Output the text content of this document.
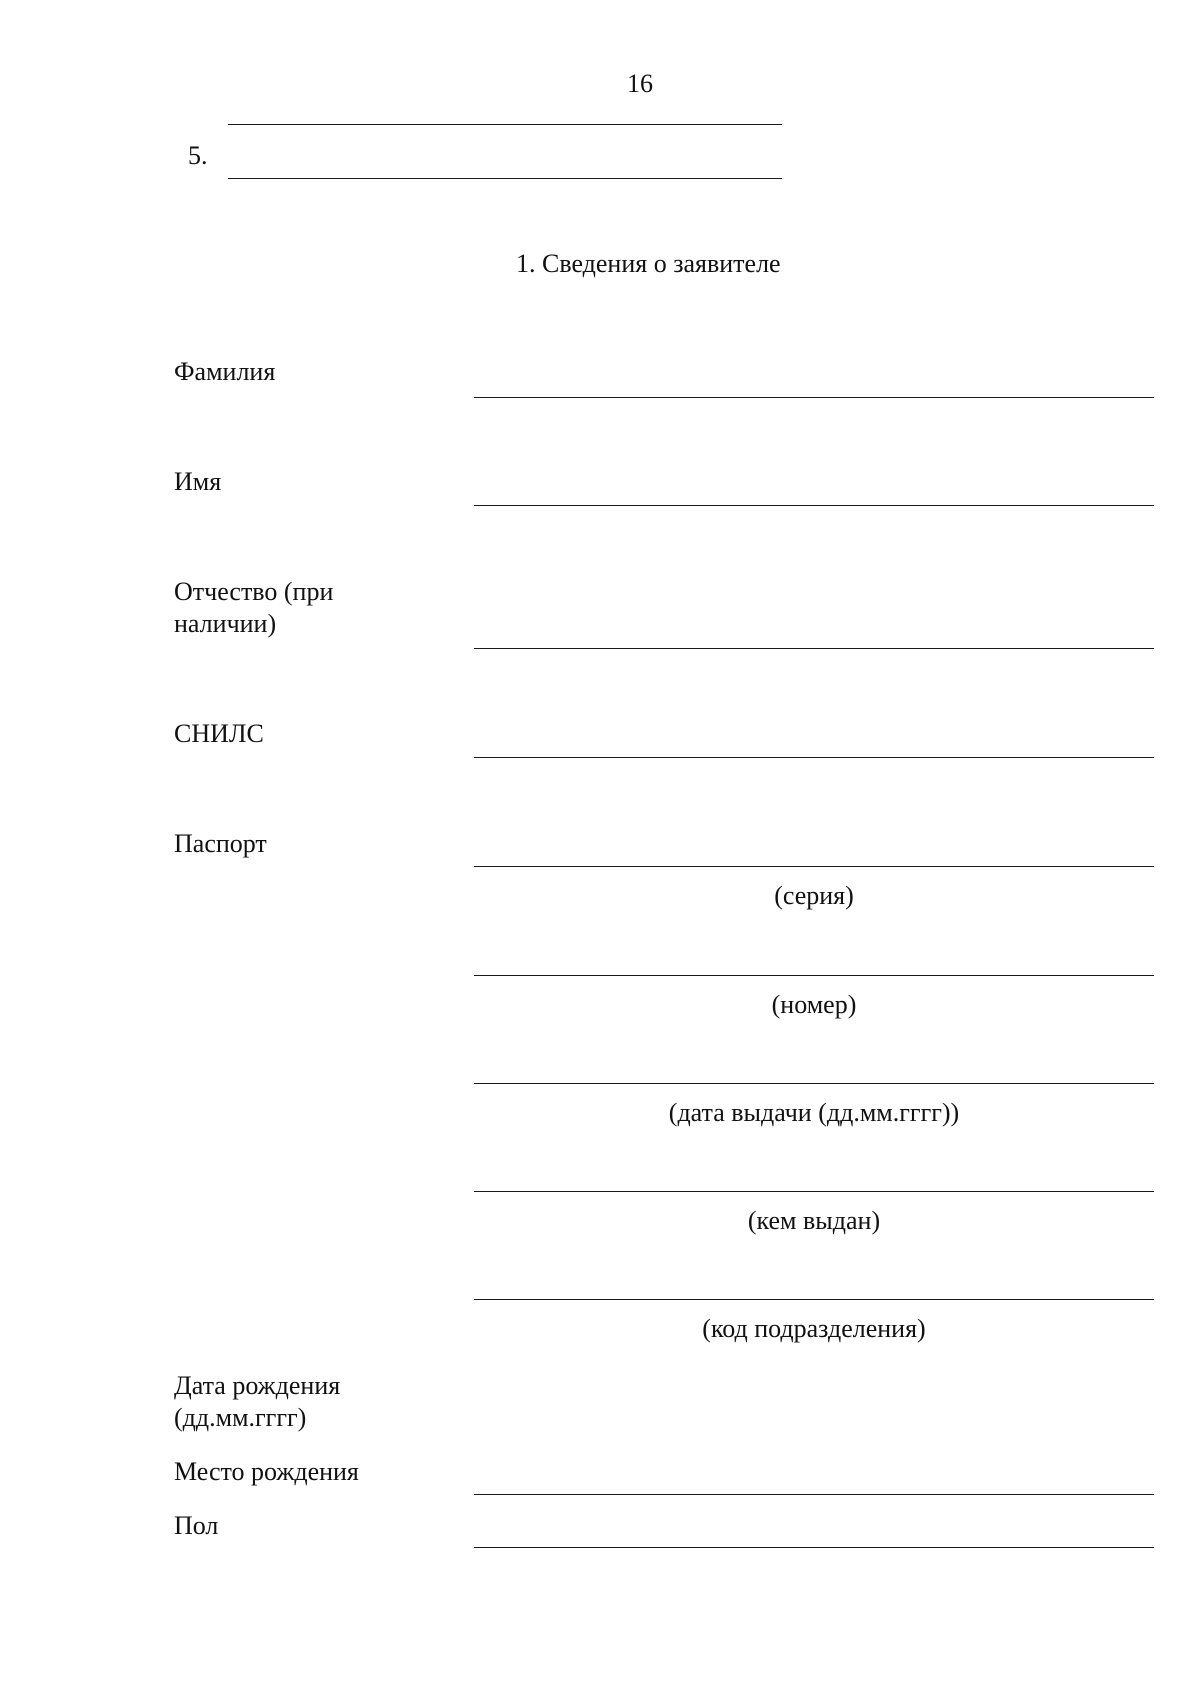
16
5.
1. Сведения о заявителе
Фамилия
Имя
Отчество (при
наличии)
СНИЛС
Паспорт
(серия)
(номер)
(дата выдачи (дд.мм.гггг))
(кем выдан)
(код подразделения)
Дата рождения
(дд.мм.гггг)
Место рождения
Пол
